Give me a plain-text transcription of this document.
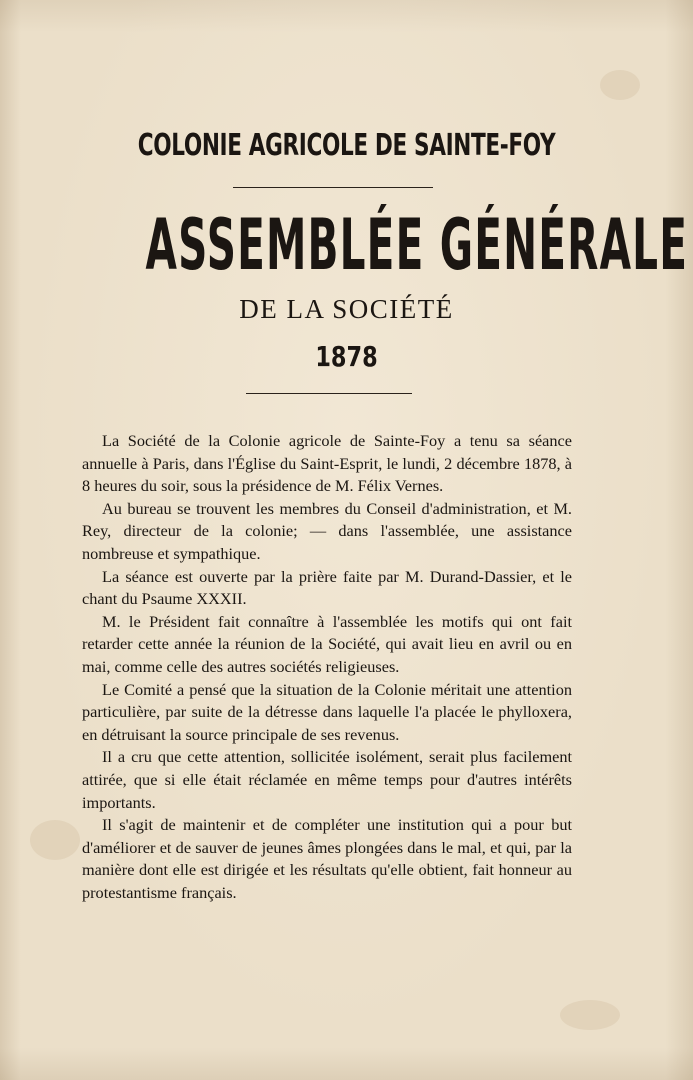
COLONIE AGRICOLE DE SAINTE-FOY
ASSEMBLÉE GÉNÉRALE
DE LA SOCIÉTÉ
1878

La Société de la Colonie agricole de Sainte-Foy a tenu sa séance annuelle à Paris, dans l'Église du Saint-Esprit, le lundi, 2 décembre 1878, à 8 heures du soir, sous la présidence de M. Félix Vernes.

Au bureau se trouvent les membres du Conseil d'administration, et M. Rey, directeur de la colonie; — dans l'assemblée, une assistance nombreuse et sympathique.

La séance est ouverte par la prière faite par M. Durand-Dassier, et le chant du Psaume XXXII.

M. le Président fait connaître à l'assemblée les motifs qui ont fait retarder cette année la réunion de la Société, qui avait lieu en avril ou en mai, comme celle des autres sociétés religieuses.

Le Comité a pensé que la situation de la Colonie méritait une attention particulière, par suite de la détresse dans laquelle l'a placée le phylloxera, en détruisant la source principale de ses revenus.

Il a cru que cette attention, sollicitée isolément, serait plus facilement attirée, que si elle était réclamée en même temps pour d'autres intérêts importants.

Il s'agit de maintenir et de compléter une institution qui a pour but d'améliorer et de sauver de jeunes âmes plongées dans le mal, et qui, par la manière dont elle est dirigée et les résultats qu'elle obtient, fait honneur au protestantisme français.
